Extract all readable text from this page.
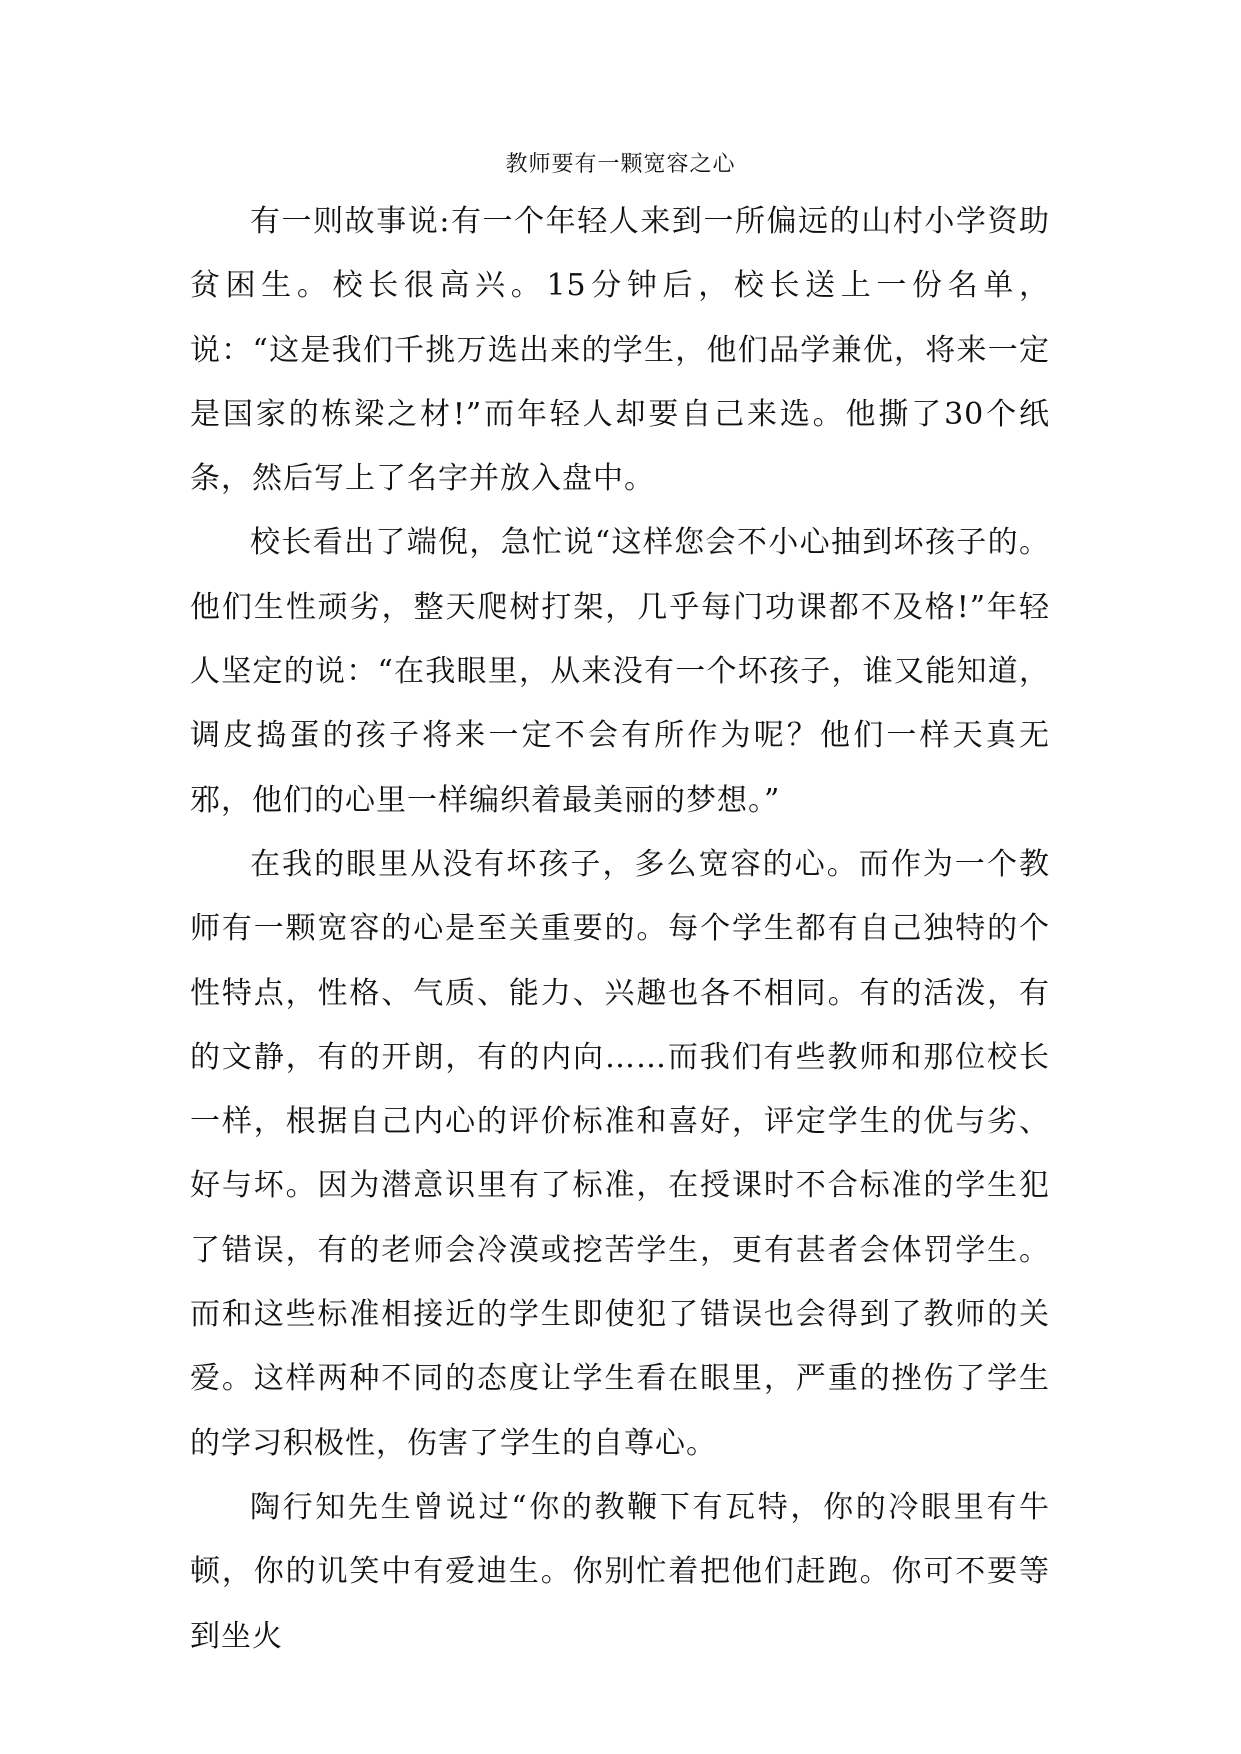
教师要有一颗宽容之心

有一则故事说:有一个年轻人来到一所偏远的山村小学资助贫困生。校长很高兴。15分钟后，校长送上一份名单，说：“这是我们千挑万选出来的学生，他们品学兼优，将来一定是国家的栋梁之材!”而年轻人却要自己来选。他撕了30个纸条，然后写上了名字并放入盘中。

校长看出了端倪，急忙说“这样您会不小心抽到坏孩子的。他们生性顽劣，整天爬树打架，几乎每门功课都不及格!”年轻人坚定的说：“在我眼里，从来没有一个坏孩子，谁又能知道，调皮捣蛋的孩子将来一定不会有所作为呢？他们一样天真无邪，他们的心里一样编织着最美丽的梦想。”

在我的眼里从没有坏孩子，多么宽容的心。而作为一个教师有一颗宽容的心是至关重要的。每个学生都有自己独特的个性特点，性格、气质、能力、兴趣也各不相同。有的活泼，有的文静，有的开朗，有的内向……而我们有些教师和那位校长一样，根据自己内心的评价标准和喜好，评定学生的优与劣、好与坏。因为潜意识里有了标准，在授课时不合标准的学生犯了错误，有的老师会冷漠或挖苦学生，更有甚者会体罚学生。而和这些标准相接近的学生即使犯了错误也会得到了教师的关爱。这样两种不同的态度让学生看在眼里，严重的挫伤了学生的学习积极性，伤害了学生的自尊心。

陶行知先生曾说过“你的教鞭下有瓦特，你的冷眼里有牛顿，你的讥笑中有爱迪生。你别忙着把他们赶跑。你可不要等到坐火
